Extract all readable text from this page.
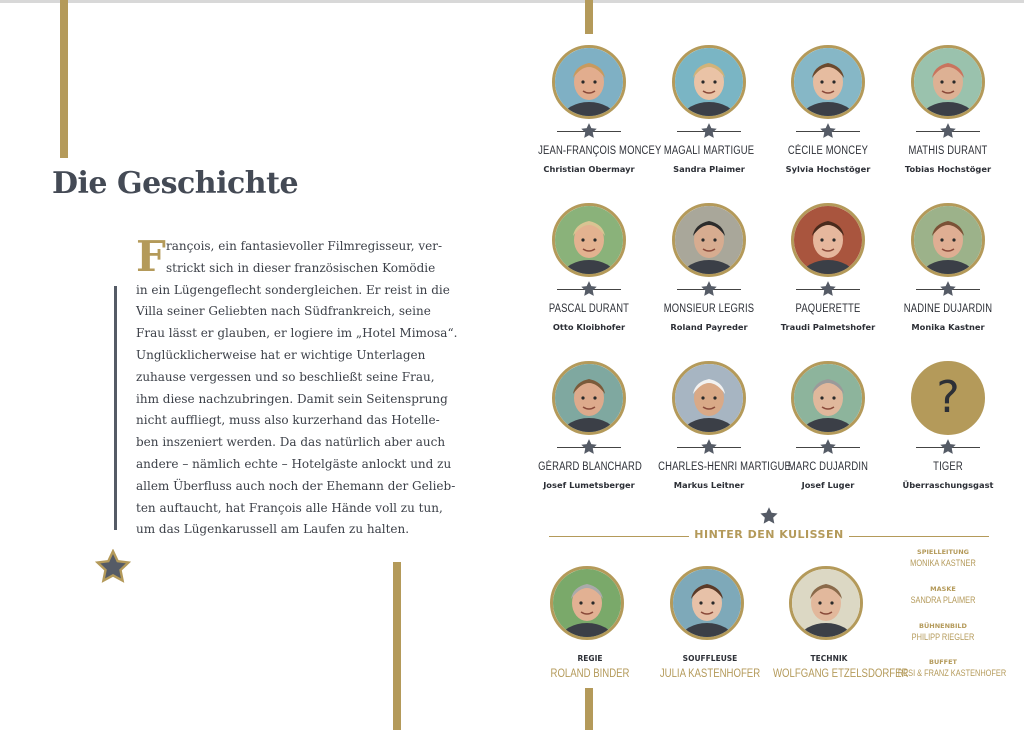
Die Geschichte
F rançois, ein fantasievoller Filmregisseur, ver-
strickt sich in dieser französischen Komödie
in ein Lügengeflecht sondergleichen. Er reist in die
Villa seiner Geliebten nach Südfrankreich, seine
Frau lässt er glauben, er logiere im „Hotel Mimosa“.
Unglücklicherweise hat er wichtige Unterlagen
zuhause vergessen und so beschließt seine Frau,
ihm diese nachzubringen. Damit sein Seitensprung
nicht auffliegt, muss also kurzerhand das Hotelle-
ben inszeniert werden. Da das natürlich aber auch
andere – nämlich echte – Hotelgäste anlockt und zu
allem Überfluss auch noch der Ehemann der Gelieb-
ten auftaucht, hat François alle Hände voll zu tun,
um das Lügenkarussell am Laufen zu halten.
JEAN-FRANÇOIS MONCEY
Christian Obermayr
MAGALI MARTIGUE
Sandra Plaimer
CÉCILE MONCEY
Sylvia Hochstöger
MATHIS DURANT
Tobias Hochstöger
PASCAL DURANT
Otto Kloibhofer
MONSIEUR LEGRIS
Roland Payreder
PAQUERETTE
Traudi Palmetshofer
NADINE DUJARDIN
Monika Kastner
GÉRARD BLANCHARD
Josef Lumetsberger
CHARLES-HENRI MARTIGUE
Markus Leitner
MARC DUJARDIN
Josef Luger
?
TIGER
Überraschungsgast
HINTER DEN KULISSEN
REGIE
ROLAND BINDER
SOUFFLEUSE
JULIA KASTENHOFER
TECHNIK
WOLFGANG ETZELSDORFER
SPIELLEITUNG
MONIKA KASTNER
MASKE
SANDRA PLAIMER
BÜHNENBILD
PHILIPP RIEGLER
BUFFET
RESI & FRANZ KASTENHOFER
